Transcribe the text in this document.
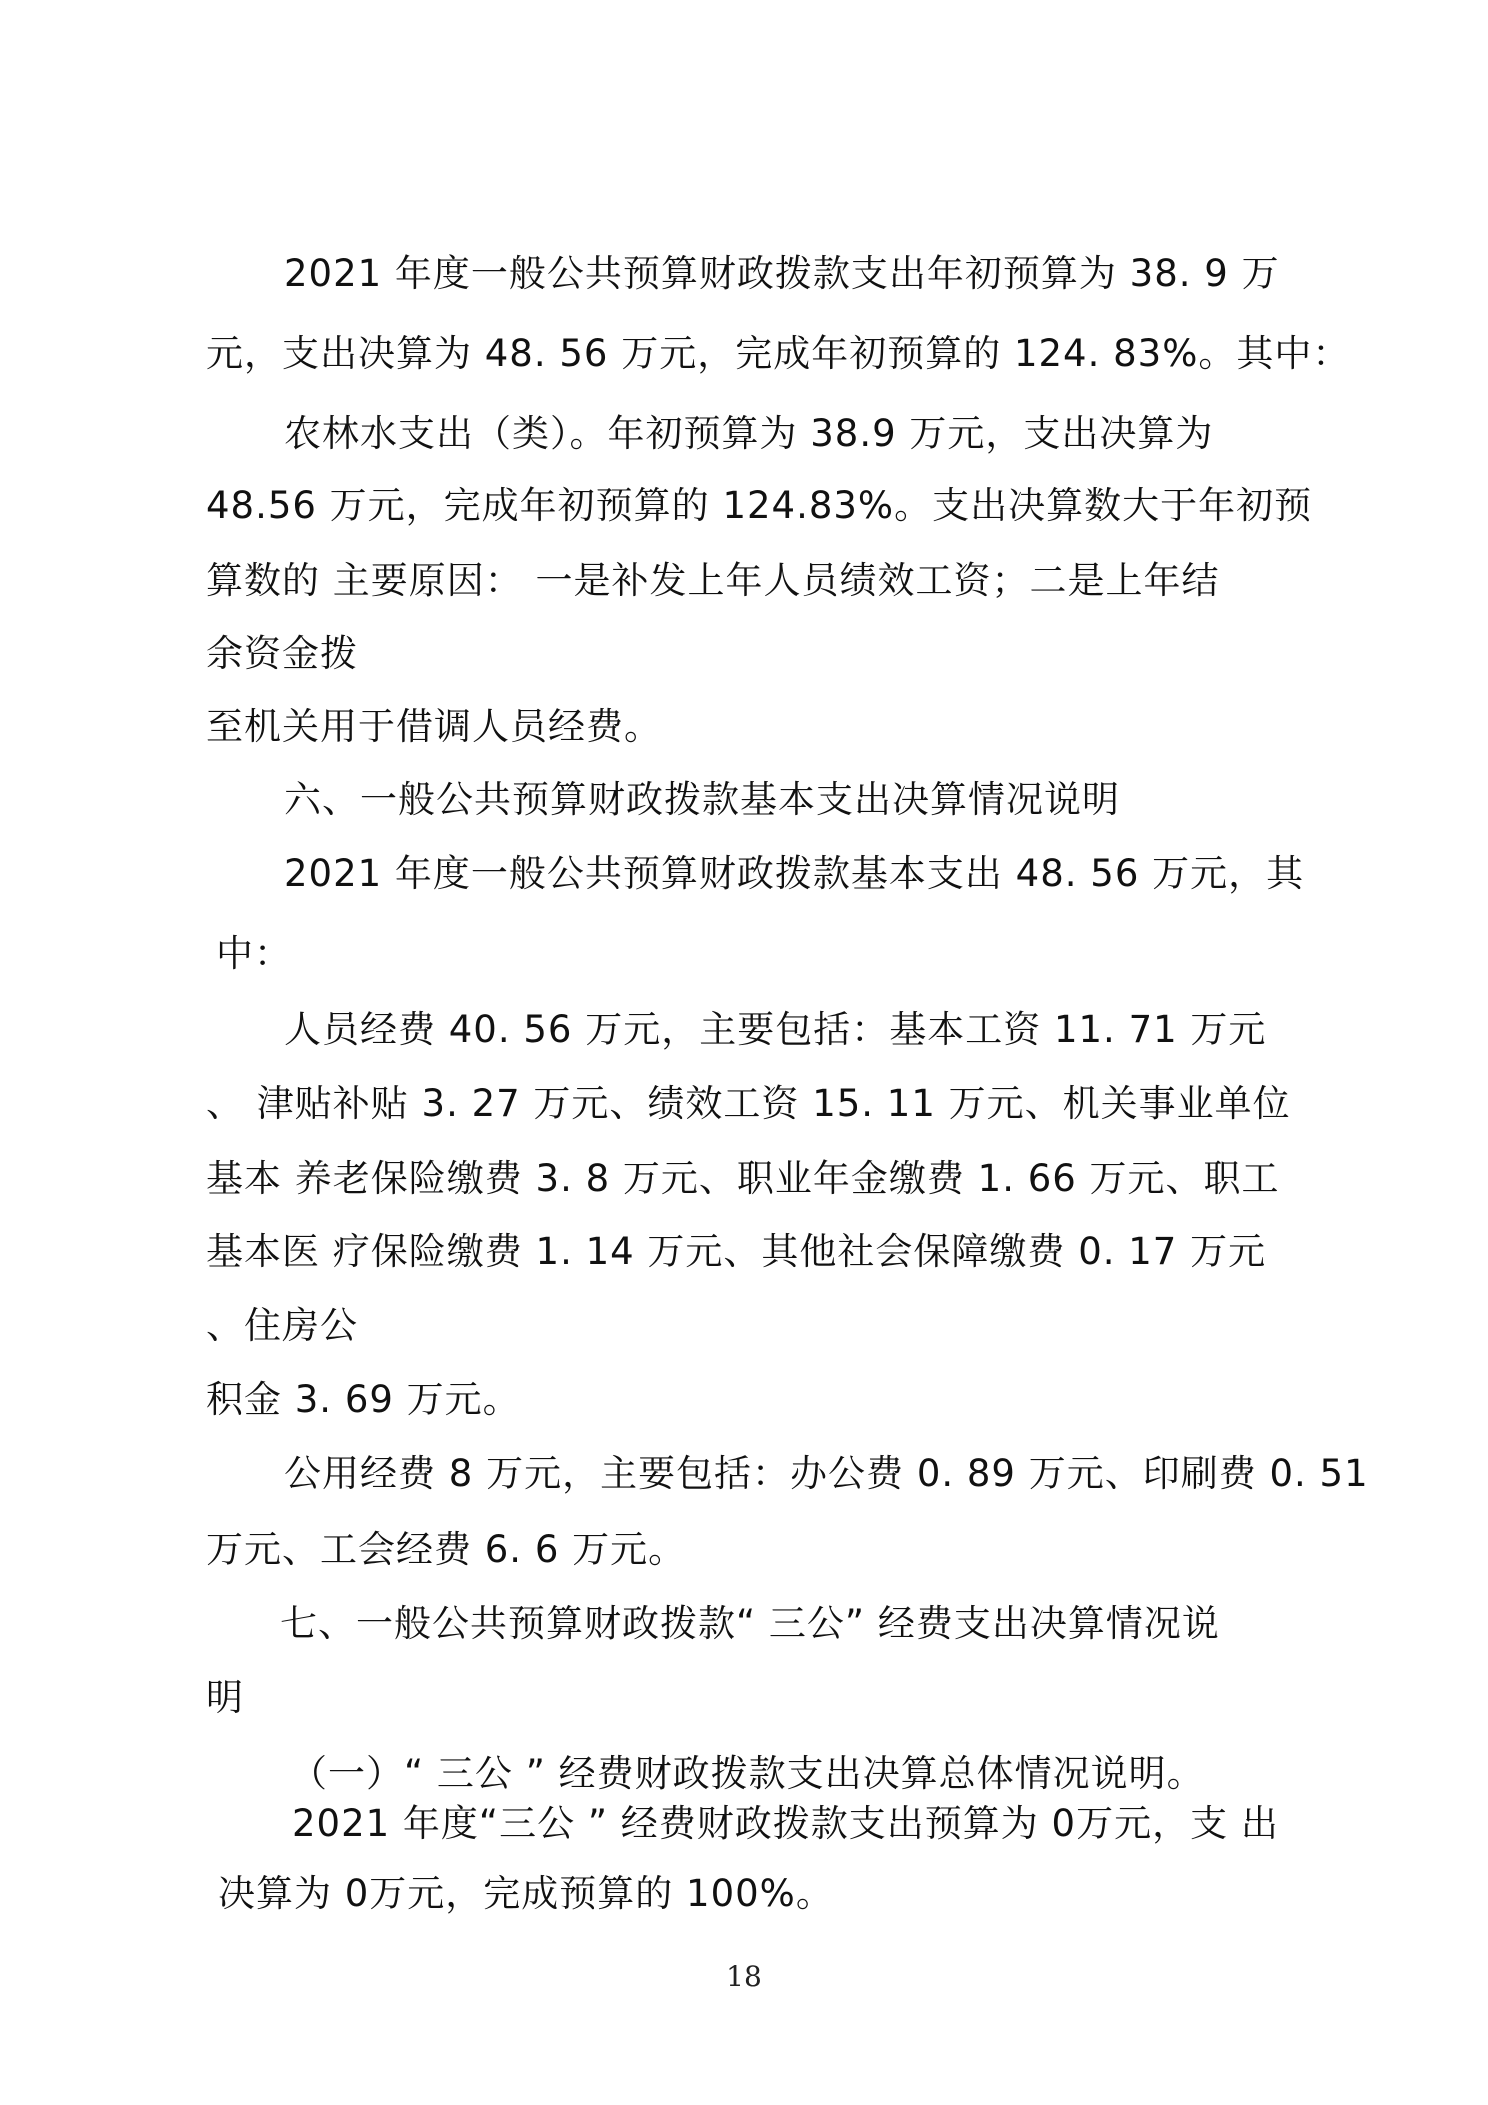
2021 年度一般公共预算财政拨款支出年初预算为 38. 9 万
元，支出决算为 48. 56 万元，完成年初预算的 124. 83%。其中：
农林水支出（类）。年初预算为 38.9 万元，支出决算为
48.56 万元，完成年初预算的 124.83%。支出决算数大于年初预
算数的 主要原因： 一是补发上年人员绩效工资；二是上年结
余资金拨
至机关用于借调人员经费。
六、一般公共预算财政拨款基本支出决算情况说明
2021 年度一般公共预算财政拨款基本支出 48. 56 万元，其
中：
人员经费 40. 56 万元，主要包括：基本工资 11. 71 万元
、 津贴补贴 3. 27 万元、绩效工资 15. 11 万元、机关事业单位
基本 养老保险缴费 3. 8 万元、职业年金缴费 1. 66 万元、职工
基本医 疗保险缴费 1. 14 万元、其他社会保障缴费 0. 17 万元
、住房公
积金 3. 69 万元。
公用经费 8 万元，主要包括：办公费 0. 89 万元、印刷费 0. 51
万元、工会经费 6. 6 万元。
七、一般公共预算财政拨款“ 三公” 经费支出决算情况说
明
（一）“ 三公 ” 经费财政拨款支出决算总体情况说明。
2021 年度“三公 ” 经费财政拨款支出预算为 0万元，支 出
决算为 0万元，完成预算的 100%。
18
